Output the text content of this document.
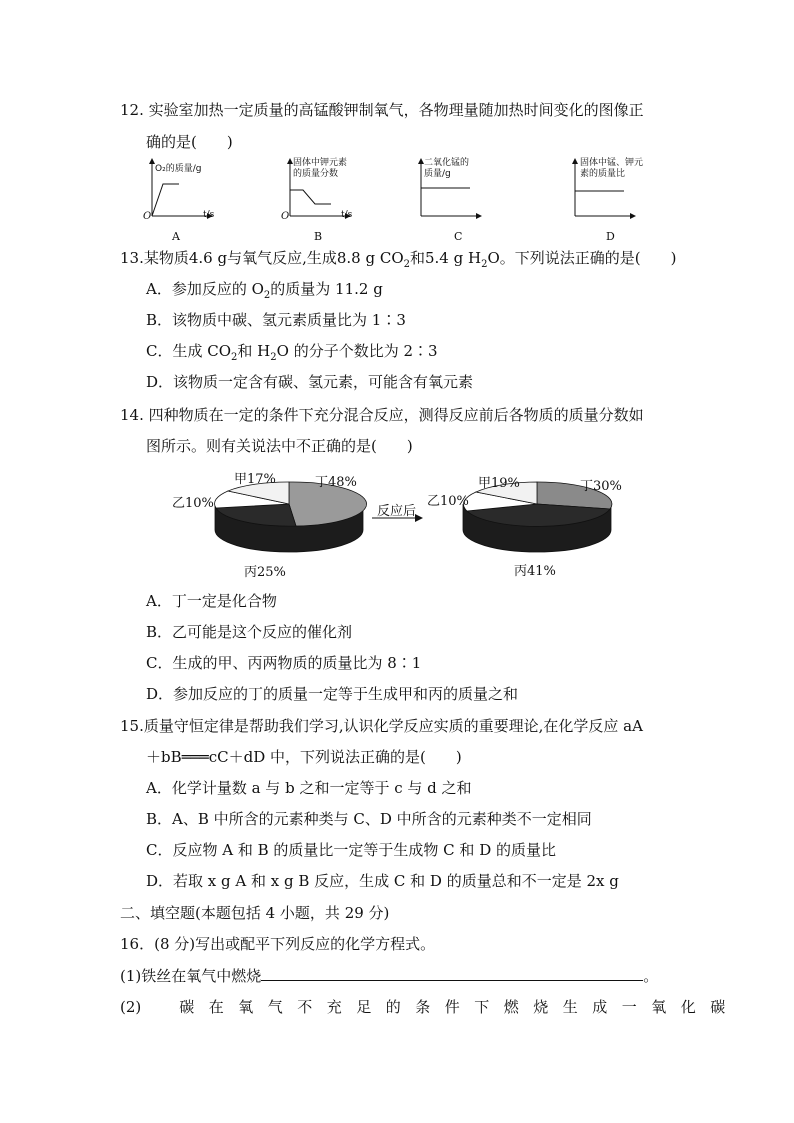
12. 实验室加热一定质量的高锰酸钾制氧气，各物理量随加热时间变化的图像正
确的是(　　)
O₂的质量/g
O	t/s
A
固体中钾元素
的质量分数
O	t/s
B
二氧化锰的
质量/g
C
固体中锰、钾元
素的质量比
D
13.某物质4.6 g与氧气反应,生成8.8 g $CO_2$和5.4 g $H_2O$。下列说法正确的是(　　)
A．参加反应的 $O_2$的质量为 11.2 g
B．该物质中碳、氢元素质量比为 1∶3
C．生成 $CO_2$和 $H_2O$ 的分子个数比为 2∶3
D．该物质一定含有碳、氢元素，可能含有氧元素
14. 四种物质在一定的条件下充分混合反应，测得反应前后各物质的质量分数如
图所示。则有关说法中不正确的是(　　)
甲17%	丁48%
乙10%
丙25%
反应后
甲19%	丁30%
乙10%
丙41%
A．丁一定是化合物
B．乙可能是这个反应的催化剂
C．生成的甲、丙两物质的质量比为 8∶1
D．参加反应的丁的质量一定等于生成甲和丙的质量之和
15.质量守恒定律是帮助我们学习,认识化学反应实质的重要理论,在化学反应 aA
＋bB═══cC＋dD 中，下列说法正确的是(　　)
A．化学计量数 a 与 b 之和一定等于 c 与 d 之和
B．A、B 中所含的元素种类与 C、D 中所含的元素种类不一定相同
C．反应物 A 和 B 的质量比一定等于生成物 C 和 D 的质量比
D．若取 x g A 和 x g B 反应，生成 C 和 D 的质量总和不一定是 2x g
二、填空题(本题包括 4 小题，共 29 分)
16．(8 分)写出或配平下列反应的化学方程式。
(1)铁丝在氧气中燃烧	。
(2)	碳在氧气不充足的条件下燃烧生成一氧化碳
